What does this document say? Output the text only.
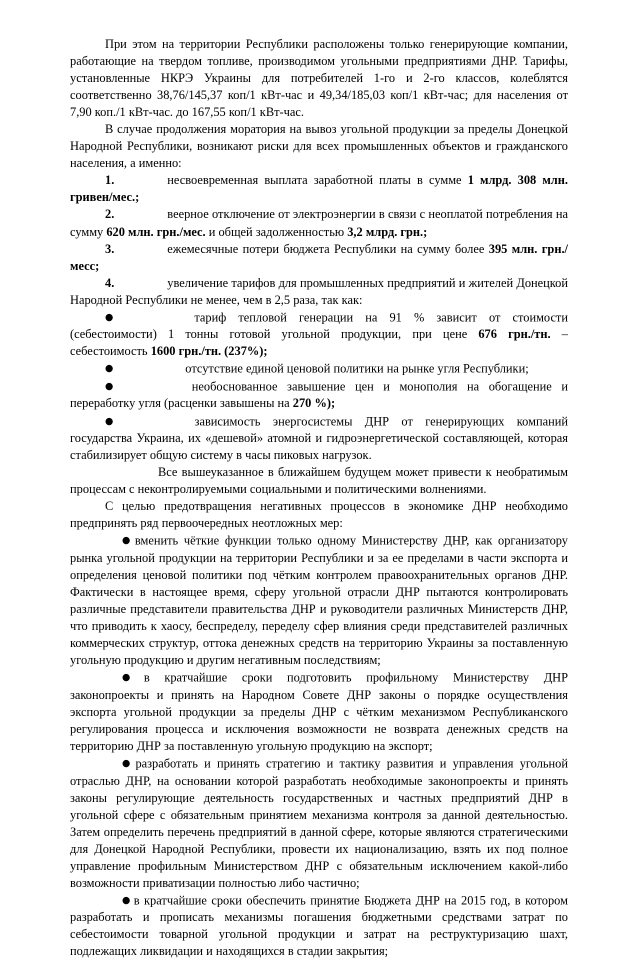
При этом на территории Республики расположены только генерирующие компании, работающие на твердом топливе, производимом угольными предприятиями ДНР. Тарифы, установленные НКРЭ Украины для потребителей 1-го и 2-го классов, колеблятся соответственно 38,76/145,37 коп/1 кВт-час и 49,34/185,03 коп/1 кВт-час; для населения от 7,90 коп./1 кВт-час. до 167,55 коп/1 кВт-час.

В случае продолжения моратория на вывоз угольной продукции за пределы Донецкой Народной Республики, возникают риски для всех промышленных объектов и гражданского населения, а именно:

1.	несвоевременная выплата заработной платы в сумме 1 млрд. 308 млн. гривен/мес.;

2.	веерное отключение от электроэнергии в связи с неоплатой потребления на сумму 620 млн. грн./мес. и общей задолженностью 3,2 млрд. грн.;

3.	ежемесячные потери бюджета Республики на сумму более 395 млн. грн./месс;

4.	увеличение тарифов для промышленных предприятий и жителей Донецкой Народной Республики не менее, чем в 2,5 раза, так как:

●	тариф тепловой генерации на 91 % зависит от стоимости (себестоимости) 1 тонны готовой угольной продукции, при цене 676 грн./тн. – себестоимость 1600 грн./тн. (237%);

●	отсутствие единой ценовой политики на рынке угля Республики;

●	необоснованное завышение цен и монополия на обогащение и переработку угля (расценки завышены на 270 %);

●	зависимость энергосистемы ДНР от генерирующих компаний государства Украина, их «дешевой» атомной и гидроэнергетической составляющей, которая стабилизирует общую систему в часы пиковых нагрузок.

Все вышеуказанное в ближайшем будущем может привести к необратимым процессам с неконтролируемыми социальными и политическими волнениями.

С целью предотвращения негативных процессов в экономике ДНР необходимо предпринять ряд первоочередных неотложных мер:

● вменить чёткие функции только одному Министерству ДНР, как организатору рынка угольной продукции на территории Республики и за ее пределами в части экспорта и определения ценовой политики под чётким контролем правоохранительных органов ДНР. Фактически в настоящее время, сферу угольной отрасли ДНР пытаются контролировать различные представители правительства ДНР и руководители различных Министерств ДНР, что приводить к хаосу, беспределу, переделу сфер влияния среди представителей различных коммерческих структур, оттока денежных средств на территорию Украины за поставленную угольную продукцию и другим негативным последствиям;

● в кратчайшие сроки подготовить профильному Министерству ДНР законопроекты и принять на Народном Совете ДНР законы о порядке осуществления экспорта угольной продукции за пределы ДНР с чётким механизмом Республиканского регулирования процесса и исключения возможности не возврата денежных средств на территорию ДНР за поставленную угольную продукцию на экспорт;

● разработать и принять стратегию и тактику развития и управления угольной отраслью ДНР, на основании которой разработать необходимые законопроекты и принять законы регулирующие деятельность государственных и частных предприятий ДНР в угольной сфере с обязательным принятием механизма контроля за данной деятельностью. Затем определить перечень предприятий в данной сфере, которые являются стратегическими для Донецкой Народной Республики, провести их национализацию, взять их под полное управление профильным Министерством ДНР с обязательным исключением какой-либо возможности приватизации полностью либо частично;

● в кратчайшие сроки обеспечить принятие Бюджета ДНР на 2015 год, в котором разработать и прописать механизмы погашения бюджетными средствами затрат по себестоимости товарной угольной продукции и затрат на реструктуризацию шахт, подлежащих ликвидации и находящихся в стадии закрытия;
